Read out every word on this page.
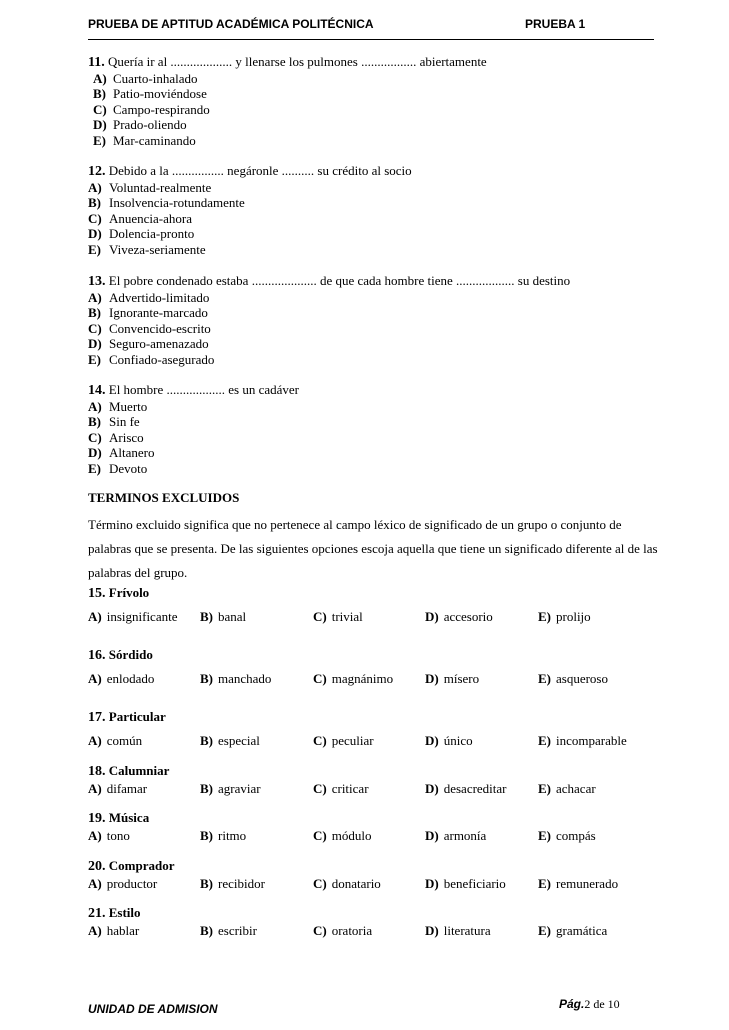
PRUEBA DE APTITUD ACADÉMICA POLITÉCNICA	PRUEBA 1
11. Quería ir al ................... y llenarse los pulmones ................. abiertamente
A) Cuarto-inhalado
B) Patio-moviéndose
C) Campo-respirando
D) Prado-oliendo
E) Mar-caminando
12. Debido a la ................ negáronle .......... su crédito al socio
A) Voluntad-realmente
B) Insolvencia-rotundamente
C) Anuencia-ahora
D) Dolencia-pronto
E) Viveza-seriamente
13. El pobre condenado estaba .................... de que cada hombre tiene .................. su destino
A) Advertido-limitado
B) Ignorante-marcado
C) Convencido-escrito
D) Seguro-amenazado
E) Confiado-asegurado
14. El hombre .................. es un cadáver
A) Muerto
B) Sin fe
C) Arisco
D) Altanero
E) Devoto
TERMINOS EXCLUIDOS
Término excluido significa que no pertenece al campo léxico de significado de un grupo o conjunto de palabras que se presenta. De las siguientes opciones escoja aquella que tiene un significado diferente al de las palabras del grupo.
15. Frívolo
A) insignificante B) banal	C) trivial	D) accesorio	E) prolijo
16. Sórdido
A) enlodado	B) manchado	C) magnánimo D) mísero	E) asqueroso
17. Particular
A) común	B) especial	C) peculiar	D) único	E) incomparable
18. Calumniar
A) difamar	B) agraviar	C) criticar	D) desacreditar E) achacar
19. Música
A) tono	B) ritmo	C) módulo	D) armonía	E) compás
20. Comprador
A) productor	B) recibidor	C) donatario	D) beneficiario E) remunerado
21. Estilo
A) hablar	B) escribir	C) oratoria	D) literatura	E) gramática
UNIDAD DE ADMISION	Pág.2 de 10
